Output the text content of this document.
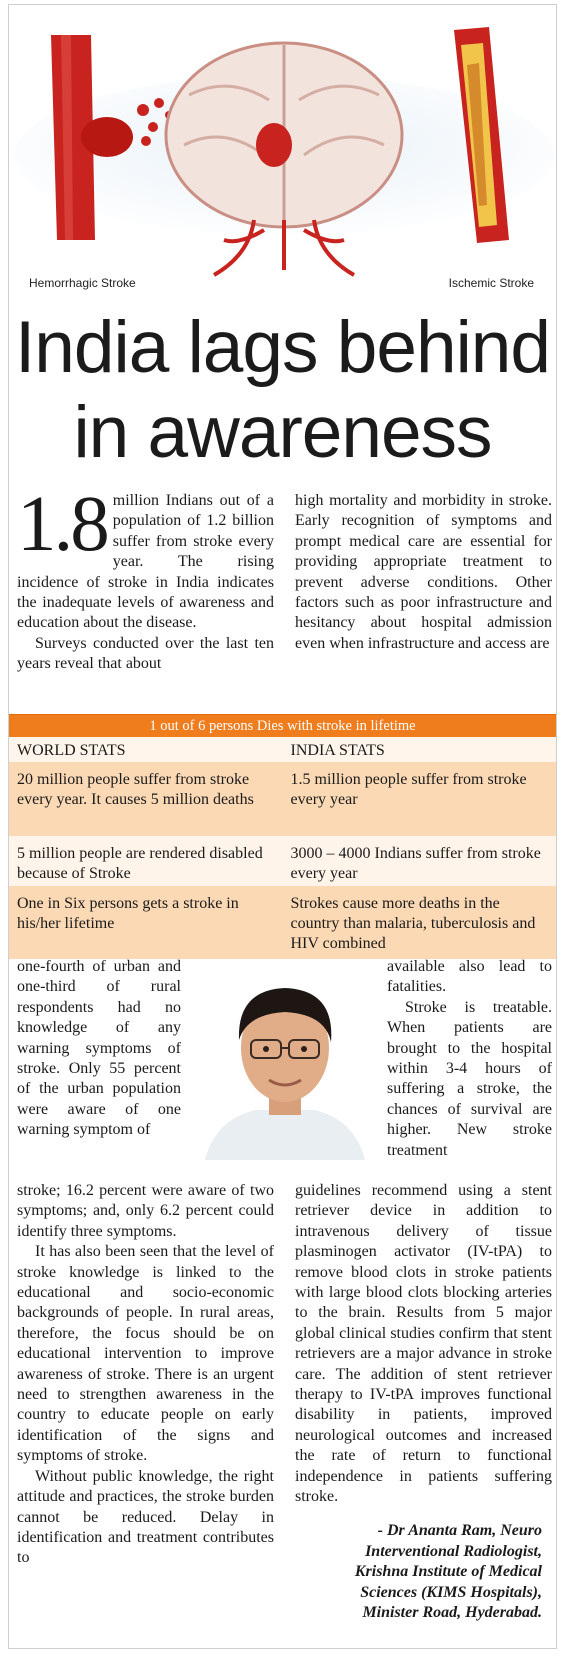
Hemorrhagic Stroke	Ischemic Stroke
India lags behind
in awareness

1.8 million Indians out of a population of 1.2 billion suffer from stroke every year. The rising incidence of stroke in India indicates the inadequate levels of awareness and education about the disease.

Surveys conducted over the last ten years reveal that about

high mortality and morbidity in stroke. Early recognition of symptoms and prompt medical care are essential for providing appropriate treatment to prevent adverse conditions. Other factors such as poor infrastructure and hesitancy about hospital admission even when infrastructure and access are

1 out of 6 persons Dies with stroke in lifetime
WORLD STATS	INDIA STATS
20 million people suffer from stroke every year. It causes 5 million deaths
1.5 million people suffer from stroke every year
5 million people are rendered disabled because of Stroke
3000 – 4000 Indians suffer from stroke every year
One in Six persons gets a stroke in his/her lifetime
Strokes cause more deaths in the country than malaria, tuberculosis and HIV combined

one-fourth of urban and one-third of rural respondents had no knowledge of any warning symptoms of stroke. Only 55 percent of the urban population were aware of one warning symptom of

stroke; 16.2 percent were aware of two symptoms; and, only 6.2 percent could identify three symptoms.

It has also been seen that the level of stroke knowledge is linked to the educational and socio-economic backgrounds of people. In rural areas, therefore, the focus should be on educational intervention to improve awareness of stroke. There is an urgent need to strengthen awareness in the country to educate people on early identification of the signs and symptoms of stroke.

Without public knowledge, the right attitude and practices, the stroke burden cannot be reduced. Delay in identification and treatment contributes to

available also lead to fatalities.

Stroke is treatable. When patients are brought to the hospital within 3-4 hours of suffering a stroke, the chances of survival are higher. New stroke treatment

guidelines recommend using a stent retriever device in addition to intravenous delivery of tissue plasminogen activator (IV-tPA) to remove blood clots in stroke patients with large blood clots blocking arteries to the brain. Results from 5 major global clinical studies confirm that stent retrievers are a major advance in stroke care. The addition of stent retriever therapy to IV-tPA improves functional disability in patients, improved neurological outcomes and increased the rate of return to functional independence in patients suffering stroke.

- Dr Ananta Ram, Neuro

Interventional Radiologist,

Krishna Institute of Medical

Sciences (KIMS Hospitals),

Minister Road, Hyderabad.
